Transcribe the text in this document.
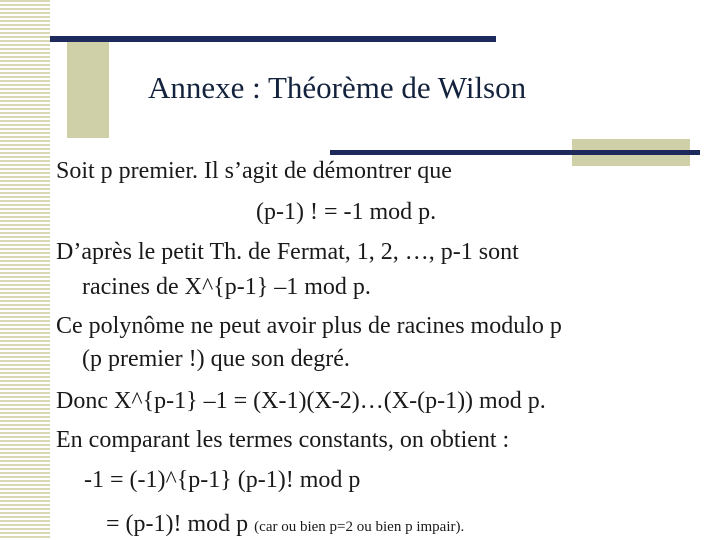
Annexe : Théorème de Wilson

Soit p premier. Il s’agit de démontrer que

(p-1) ! = -1 mod p.

D’après le petit Th. de Fermat, 1, 2, …, p-1 sont

racines de X^{p-1} –1 mod p.

Ce polynôme ne peut avoir plus de racines modulo p

(p premier !) que son degré.

Donc X^{p-1} –1 = (X-1)(X-2)…(X-(p-1)) mod p.

En comparant les termes constants, on obtient :

-1 = (-1)^{p-1} (p-1)! mod p

= (p-1)! mod p (car ou bien p=2 ou bien p impair).
